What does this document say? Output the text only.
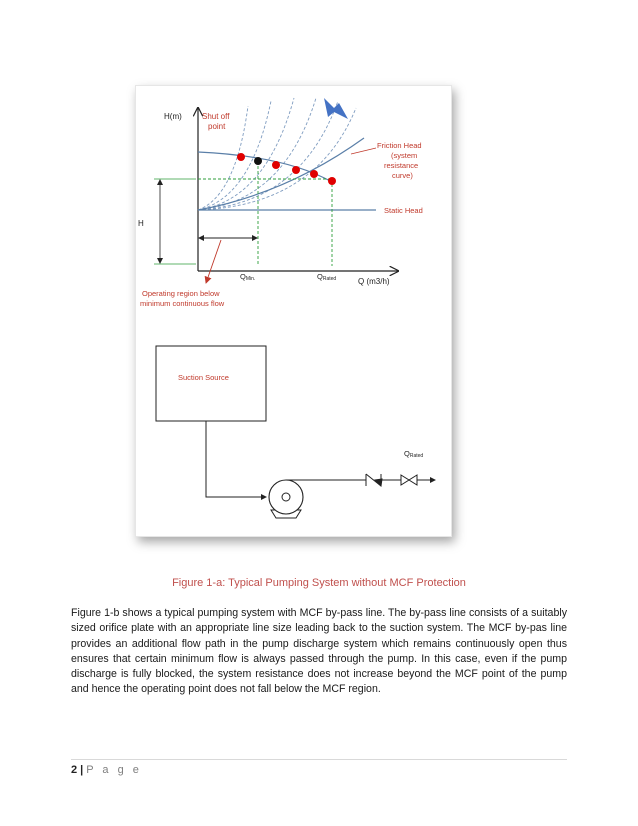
H
H(m)
Q (m3/h)
QMin.	QRated
Shut off
point
Friction Head
(system
resistance
curve)
Static Head
Operating region below
minimum continuous flow
Suction Source
QRated
Figure 1-a: Typical Pumping System without MCF Protection
Figure 1-b shows a typical pumping system with MCF by-pass line. The by-pass line consists of a suitably sized orifice plate with an appropriate line size leading back to the suction system. The MCF by-pas line provides an additional flow path in the pump discharge system which remains continuously open thus ensures that certain minimum flow is always passed through the pump. In this case, even if the pump discharge is fully blocked, the system resistance does not increase beyond the MCF point of the pump and hence the operating point does not fall below the MCF region.
2 | P a g e
